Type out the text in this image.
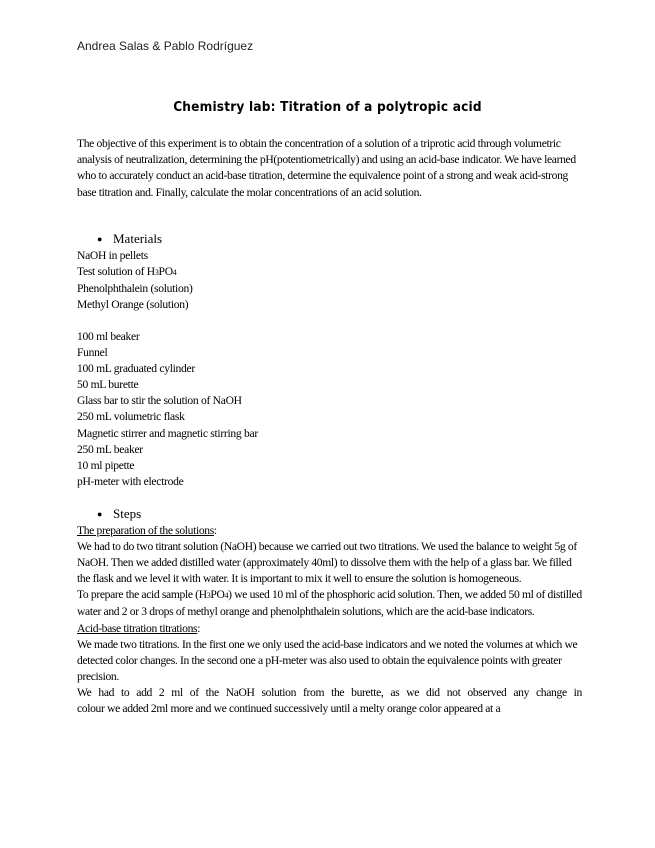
Andrea Salas & Pablo Rodríguez
Chemistry lab: Titration of a polytropic acid

The objective of this experiment is to obtain the concentration of a solution of a triprotic acid through volumetric analysis of neutralization, determining the pH(potentiometrically) and using an acid-base indicator. We have learned who to accurately conduct an acid-base titration, determine the equivalence point of a strong and weak acid-strong base titration and. Finally, calculate the molar concentrations of an acid solution.

● Materials
NaOH in pellets
Test solution of H3PO4
Phenolphthalein (solution)
Methyl Orange (solution)
100 ml beaker
Funnel
100 mL graduated cylinder
50 mL burette
Glass bar to stir the solution of NaOH
250 mL volumetric flask
Magnetic stirrer and magnetic stirring bar
250 mL beaker
10 ml pipette
pH-meter with electrode
● Steps

The preparation of the solutions:

We had to do two titrant solution (NaOH) because we carried out two titrations. We used the balance to weight 5g of NaOH. Then we added distilled water (approximately 40ml) to dissolve them with the help of a glass bar. We filled the flask and we level it with water. It is important to mix it well to ensure the solution is homogeneous.

To prepare the acid sample (H3PO4) we used 10 ml of the phosphoric acid solution. Then, we added 50 ml of distilled water and 2 or 3 drops of methyl orange and phenolphthalein solutions, which are the acid-base indicators.

Acid-base titration titrations:

We made two titrations. In the first one we only used the acid-base indicators and we noted the volumes at which we detected color changes. In the second one a pH-meter was also used to obtain the equivalence points with greater precision.

We had to add 2 ml of the NaOH solution from the burette, as we did not observed any change in

colour we added 2ml more and we continued successively until a melty orange color appeared at a
